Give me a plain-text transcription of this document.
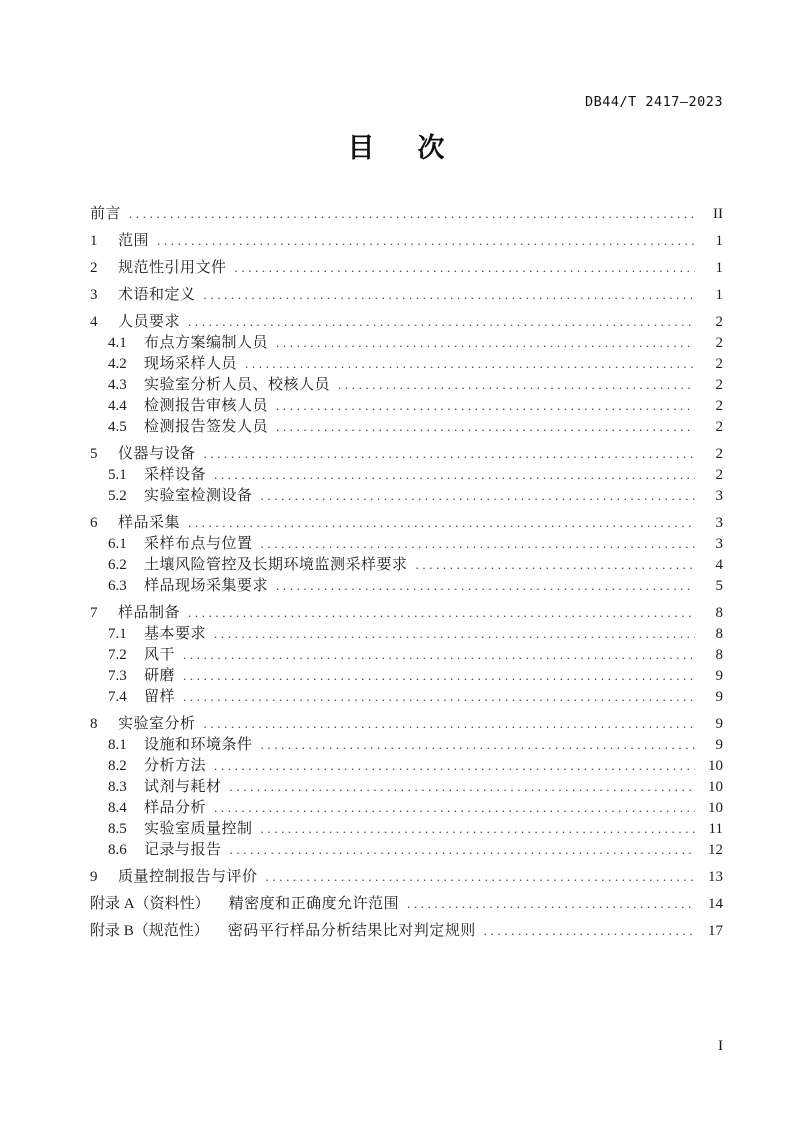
DB44/T 2417—2023
目　次
前言 .....	II
1	范围 .....	1
2	规范性引用文件 .....	1
3	术语和定义 .....	1
4	人员要求 .....	2
4.1	布点方案编制人员 .....	2
4.2	现场采样人员 .....	2
4.3	实验室分析人员、校核人员 .....	2
4.4	检测报告审核人员 .....	2
4.5	检测报告签发人员 .....	2
5	仪器与设备 .....	2
5.1	采样设备 .....	2
5.2	实验室检测设备 .....	3
6	样品采集 .....	3
6.1	采样布点与位置 .....	3
6.2	土壤风险管控及长期环境监测采样要求 .....	4
6.3	样品现场采集要求 .....	5
7	样品制备 .....	8
7.1	基本要求 .....	8
7.2	风干 .....	8
7.3	研磨 .....	9
7.4	留样 .....	9
8	实验室分析 .....	9
8.1	设施和环境条件 .....	9
8.2	分析方法 .....	10
8.3	试剂与耗材 .....	10
8.4	样品分析 .....	10
8.5	实验室质量控制 .....	11
8.6	记录与报告 .....	12
9	质量控制报告与评价 .....	13
附录 A（资料性） 精密度和正确度允许范围 .....	14
附录 B（规范性） 密码平行样品分析结果比对判定规则 .....	17
I
